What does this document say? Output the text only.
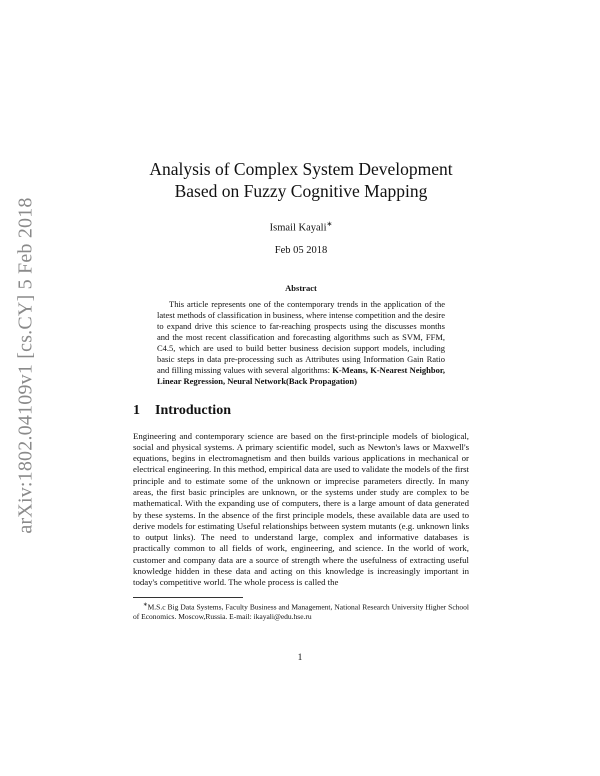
arXiv:1802.04109v1 [cs.CY] 5 Feb 2018
Analysis of Complex System Development Based on Fuzzy Cognitive Mapping
Ismail Kayali∗
Feb 05 2018
Abstract

This article represents one of the contemporary trends in the application of the latest methods of classification in business, where intense competition and the desire to expand drive this science to far-reaching prospects using the discusses months and the most recent classification and forecasting algorithms such as SVM, FFM, C4.5, which are used to build better business decision support models, including basic steps in data pre-processing such as Attributes using Information Gain Ratio and filling missing values with several algorithms: K-Means, K-Nearest Neighbor, Linear Regression, Neural Network(Back Propagation)

1	Introduction

Engineering and contemporary science are based on the first-principle models of biological, social and physical systems. A primary scientific model, such as Newton's laws or Maxwell's equations, begins in electromagnetism and then builds various applications in mechanical or electrical engineering. In this method, empirical data are used to validate the models of the first principle and to estimate some of the unknown or imprecise parameters directly. In many areas, the first basic principles are unknown, or the systems under study are complex to be mathematical. With the expanding use of computers, there is a large amount of data generated by these systems. In the absence of the first principle models, these available data are used to derive models for estimating Useful relationships between system mutants (e.g. unknown links to output links). The need to understand large, complex and informative databases is practically common to all fields of work, engineering, and science. In the world of work, customer and company data are a source of strength where the usefulness of extracting useful knowledge hidden in these data and acting on this knowledge is increasingly important in today's competitive world. The whole process is called the

∗M.S.c Big Data Systems, Faculty Business and Management, National Research University Higher School of Economics. Moscow,Russia. E-mail: ikayali@edu.hse.ru

1
